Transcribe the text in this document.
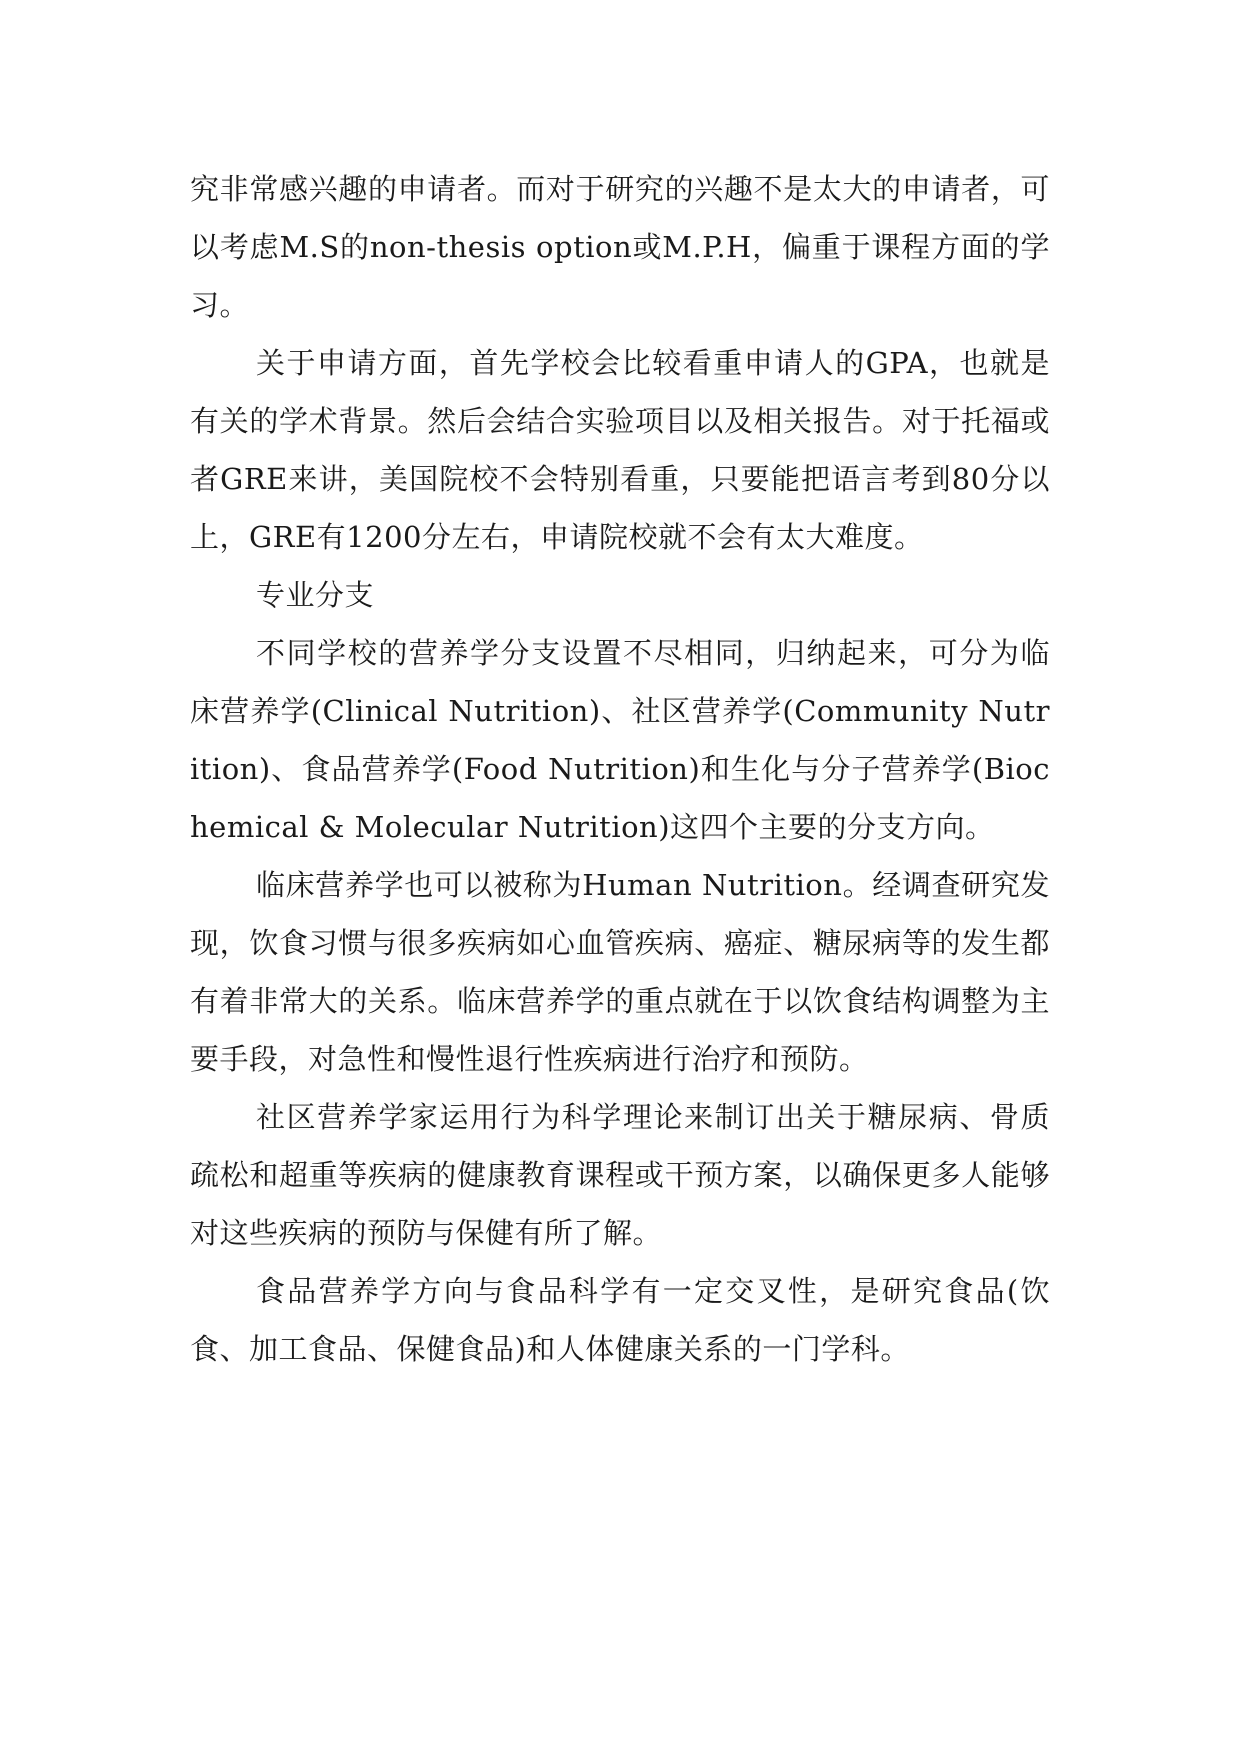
究非常感兴趣的申请者。而对于研究的兴趣不是太大的申请者，可以考虑M.S的non-thesis option或M.P.H，偏重于课程方面的学习。

关于申请方面，首先学校会比较看重申请人的GPA，也就是有关的学术背景。然后会结合实验项目以及相关报告。对于托福或者GRE来讲，美国院校不会特别看重，只要能把语言考到80分以上，GRE有1200分左右，申请院校就不会有太大难度。

专业分支

不同学校的营养学分支设置不尽相同，归纳起来，可分为临床营养学(Clinical Nutrition)、社区营养学(Community Nutrition)、食品营养学(Food Nutrition)和生化与分子营养学(Biochemical & Molecular Nutrition)这四个主要的分支方向。

临床营养学也可以被称为Human Nutrition。经调查研究发现，饮食习惯与很多疾病如心血管疾病、癌症、糖尿病等的发生都有着非常大的关系。临床营养学的重点就在于以饮食结构调整为主要手段，对急性和慢性退行性疾病进行治疗和预防。

社区营养学家运用行为科学理论来制订出关于糖尿病、骨质疏松和超重等疾病的健康教育课程或干预方案，以确保更多人能够对这些疾病的预防与保健有所了解。

食品营养学方向与食品科学有一定交叉性，是研究食品(饮食、加工食品、保健食品)和人体健康关系的一门学科。
